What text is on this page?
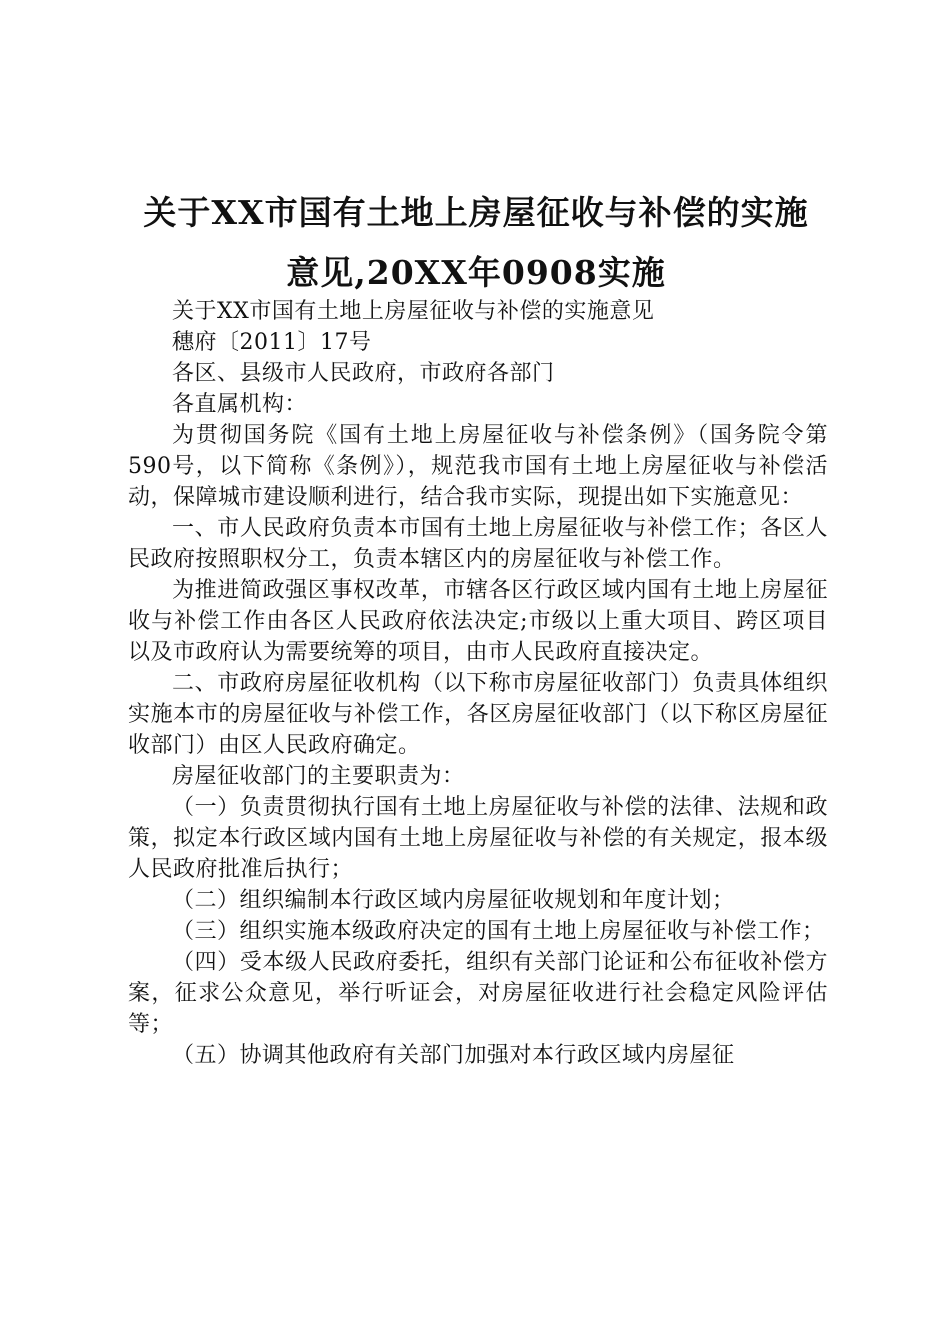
关于XX市国有土地上房屋征收与补偿的实施
意见,20XX年0908实施

关于XX市国有土地上房屋征收与补偿的实施意见

穗府〔2011〕17号

各区、县级市人民政府，市政府各部门

各直属机构：

为贯彻国务院《国有土地上房屋征收与补偿条例》（国务院令第590号，以下简称《条例》），规范我市国有土地上房屋征收与补偿活动，保障城市建设顺利进行，结合我市实际，现提出如下实施意见：

一、市人民政府负责本市国有土地上房屋征收与补偿工作；各区人民政府按照职权分工，负责本辖区内的房屋征收与补偿工作。

为推进简政强区事权改革，市辖各区行政区域内国有土地上房屋征收与补偿工作由各区人民政府依法决定;市级以上重大项目、跨区项目以及市政府认为需要统筹的项目，由市人民政府直接决定。

二、市政府房屋征收机构（以下称市房屋征收部门）负责具体组织实施本市的房屋征收与补偿工作，各区房屋征收部门（以下称区房屋征收部门）由区人民政府确定。

房屋征收部门的主要职责为：

（一）负责贯彻执行国有土地上房屋征收与补偿的法律、法规和政策，拟定本行政区域内国有土地上房屋征收与补偿的有关规定，报本级人民政府批准后执行；

（二）组织编制本行政区域内房屋征收规划和年度计划；

（三）组织实施本级政府决定的国有土地上房屋征收与补偿工作；

（四）受本级人民政府委托，组织有关部门论证和公布征收补偿方案，征求公众意见，举行听证会，对房屋征收进行社会稳定风险评估等；

（五）协调其他政府有关部门加强对本行政区域内房屋征
